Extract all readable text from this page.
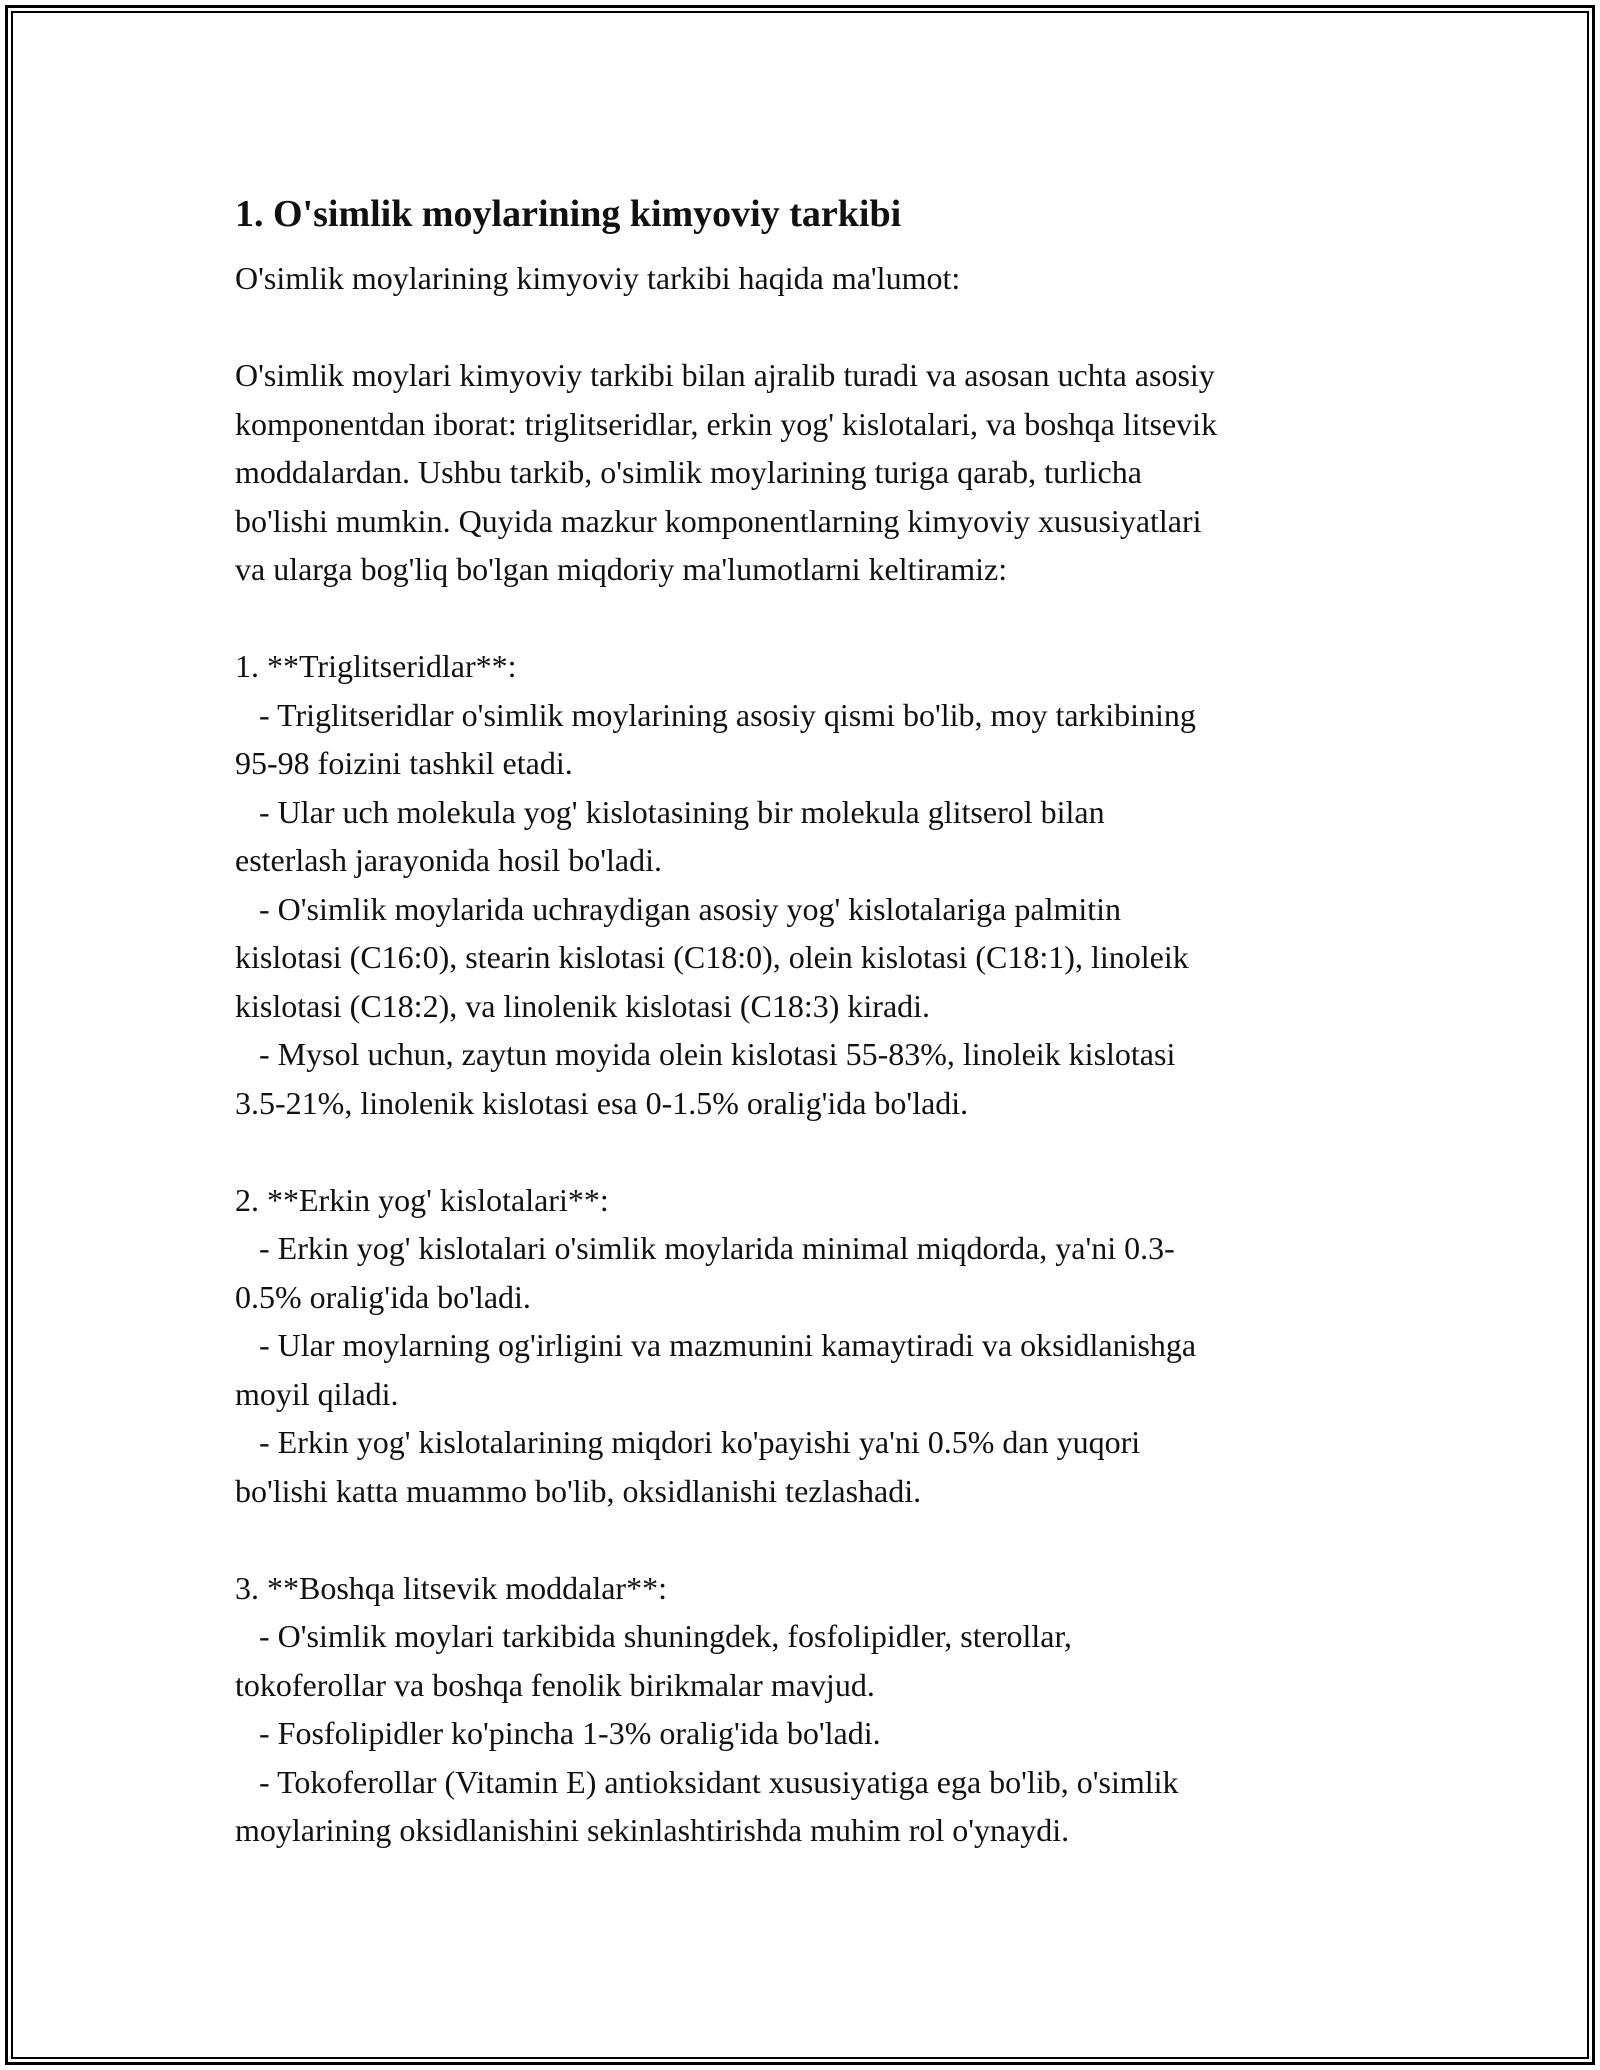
1. O'simlik moylarining kimyoviy tarkibi

O'simlik moylarining kimyoviy tarkibi haqida ma'lumot:

O'simlik moylari kimyoviy tarkibi bilan ajralib turadi va asosan uchta asosiy
komponentdan iborat: triglitseridlar, erkin yog' kislotalari, va boshqa litsevik
moddalardan. Ushbu tarkib, o'simlik moylarining turiga qarab, turlicha
bo'lishi mumkin. Quyida mazkur komponentlarning kimyoviy xususiyatlari
va ularga bog'liq bo'lgan miqdoriy ma'lumotlarni keltiramiz:
1. **Triglitseridlar**:
- Triglitseridlar o'simlik moylarining asosiy qismi bo'lib, moy tarkibining
95-98 foizini tashkil etadi.
- Ular uch molekula yog' kislotasining bir molekula glitserol bilan
esterlash jarayonida hosil bo'ladi.
- O'simlik moylarida uchraydigan asosiy yog' kislotalariga palmitin
kislotasi (C16:0), stearin kislotasi (C18:0), olein kislotasi (C18:1), linoleik
kislotasi (C18:2), va linolenik kislotasi (C18:3) kiradi.
- Mysol uchun, zaytun moyida olein kislotasi 55-83%, linoleik kislotasi
3.5-21%, linolenik kislotasi esa 0-1.5% oralig'ida bo'ladi.
2. **Erkin yog' kislotalari**:
- Erkin yog' kislotalari o'simlik moylarida minimal miqdorda, ya'ni 0.3-
0.5% oralig'ida bo'ladi.
- Ular moylarning og'irligini va mazmunini kamaytiradi va oksidlanishga
moyil qiladi.
- Erkin yog' kislotalarining miqdori ko'payishi ya'ni 0.5% dan yuqori
bo'lishi katta muammo bo'lib, oksidlanishi tezlashadi.
3. **Boshqa litsevik moddalar**:
- O'simlik moylari tarkibida shuningdek, fosfolipidler, sterollar,
tokoferollar va boshqa fenolik birikmalar mavjud.
- Fosfolipidler ko'pincha 1-3% oralig'ida bo'ladi.
- Tokoferollar (Vitamin E) antioksidant xususiyatiga ega bo'lib, o'simlik
moylarining oksidlanishini sekinlashtirishda muhim rol o'ynaydi.
